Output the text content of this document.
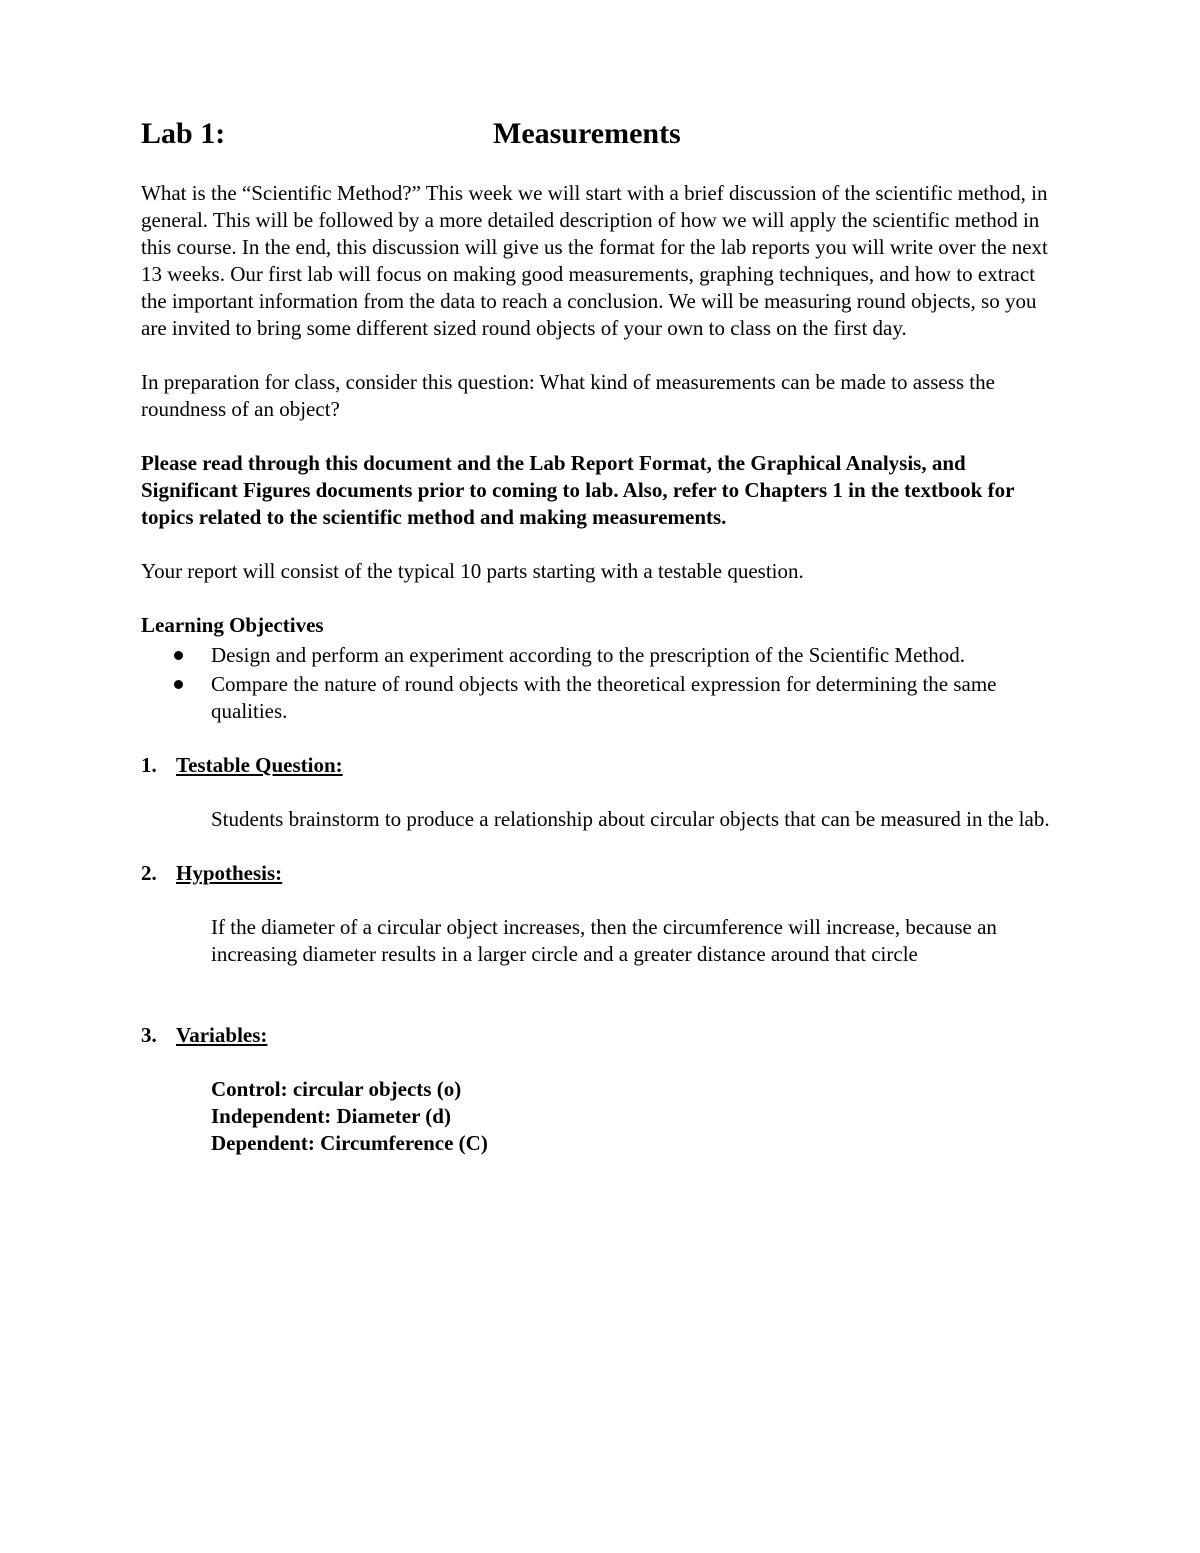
Lab 1:	Measurements

What is the “Scientific Method?” This week we will start with a brief discussion of the scientific method, in general. This will be followed by a more detailed description of how we will apply the scientific method in this course. In the end, this discussion will give us the format for the lab reports you will write over the next 13 weeks. Our first lab will focus on making good measurements, graphing techniques, and how to extract the important information from the data to reach a conclusion. We will be measuring round objects, so you are invited to bring some different sized round objects of your own to class on the first day.

In preparation for class, consider this question: What kind of measurements can be made to assess the roundness of an object?

Please read through this document and the Lab Report Format, the Graphical Analysis, and Significant Figures documents prior to coming to lab. Also, refer to Chapters 1 in the textbook for topics related to the scientific method and making measurements.

Your report will consist of the typical 10 parts starting with a testable question.

Learning Objectives
Design and perform an experiment according to the prescription of the Scientific Method.
Compare the nature of round objects with the theoretical expression for determining the same qualities.
1. Testable Question:

Students brainstorm to produce a relationship about circular objects that can be measured in the lab.

2. Hypothesis:

If the diameter of a circular object increases, then the circumference will increase, because an increasing diameter results in a larger circle and a greater distance around that circle

3. Variables:
Control: circular objects (o)
Independent: Diameter (d)
Dependent: Circumference (C)
